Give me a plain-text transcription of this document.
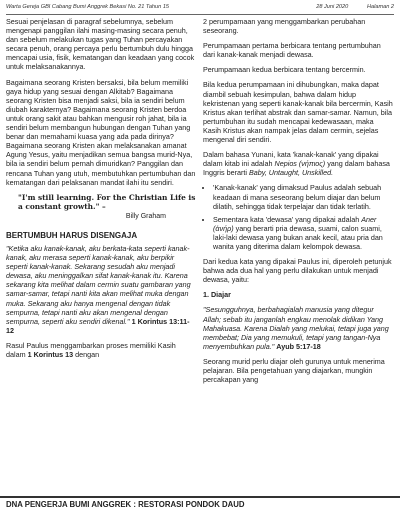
Warta Gereja GBI Cabang Bumi Anggrek Bekasi No. 21 Tahun 15	28 Juni 2020	Halaman 2

Sesuai penjelasan di paragraf sebelumnya, sebelum mengenapi panggilan ilahi masing-masing secara penuh, dan sebelum melakukan tugas yang Tuhan percayakan secara penuh, orang percaya perlu bertumbuh dulu hingga mencapai usia, fisik, kematangan dan keadaan yang cocok untuk melaksanakannya.

Bagaimana seorang Kristen bersaksi, bila belum memiliki gaya hidup yang sesuai dengan Alkitab? Bagaimana seorang Kristen bisa menjadi saksi, bila ia sendiri belum diubah karakternya? Bagaimana seorang Kristen berdoa untuk orang sakit atau bahkan mengusir roh jahat, bila ia sendiri belum membangun hubungan dengan Tuhan yang benar dan memahami kuasa yang ada pada dirinya? Bagaimana seorang Kristen akan melaksanakan amanat Agung Yesus, yaitu menjadikan semua bangsa murid-Nya, bila ia sendiri belum pernah dimuridkan? Panggilan dan rencana Tuhan yang utuh, membutuhkan pertumbuhan dan kematangan dari pelaksanan mandat ilahi itu sendiri.

"I'm still learning. For the Christian Life is a constant growth." –
Billy Graham
BERTUMBUH HARUS DISENGAJA

"Ketika aku kanak-kanak, aku berkata-kata seperti kanak-kanak, aku merasa seperti kanak-kanak, aku berpikir seperti kanak-kanak. Sekarang sesudah aku menjadi dewasa, aku meninggalkan sifat kanak-kanak itu. Karena sekarang kita melihat dalam cermin suatu gambaran yang samar-samar, tetapi nanti kita akan melihat muka dengan muka. Sekarang aku hanya mengenal dengan tidak sempurna, tetapi nanti aku akan mengenal dengan sempurna, seperti aku sendiri dikenal." 1 Korintus 13:11-12

Rasul Paulus menggambarkan proses memiliki Kasih dalam 1 Korintus 13 dengan

2 perumpamaan yang menggambarkan perubahan seseorang.

Perumpamaan pertama berbicara tentang pertumbuhan dari kanak-kanak menjadi dewasa.

Perumpamaan kedua berbicara tentang bercermin.

Bila kedua perumpamaan ini dihubungkan, maka dapat diambil sebuah kesimpulan, bahwa dalam hidup kekristenan yang seperti kanak-kanak bila bercermin, Kasih Kristus akan terlihat abstrak dan samar-samar. Namun, bila pertumbuhan itu sudah mencapai kedewasaan, maka Kasih Kristus akan nampak jelas dalam cermin, sejelas mengenal diri sendiri.

Dalam bahasa Yunani, kata 'kanak-kanak' yang dipakai dalam kitab ini adalah Nepios (νήπιος) yang dalam bahasa Inggris berarti Baby, Untaught, Unskilled.

• 'Kanak-kanak' yang dimaksud Paulus adalah sebuah keadaan di mana seseorang belum diajar dan belum dilatih, sehingga tidak terpelajar dan tidak terlatih.
• Sementara kata 'dewasa' yang dipakai adalah Aner (ἀνήρ) yang berarti pria dewasa, suami, calon suami, laki-laki dewasa yang bukan anak kecil, atau pria dan wanita yang diterima dalam kelompok dewasa.

Dari kedua kata yang dipakai Paulus ini, diperoleh petunjuk bahwa ada dua hal yang perlu dilakukan untuk menjadi dewasa, yaitu:

1. Diajar

"Sesungguhnya, berbahagialah manusia yang ditegur Allah; sebab itu janganlah engkau menolak didikan Yang Mahakuasa. Karena Dialah yang melukai, tetapi juga yang membebat; Dia yang memukuli, tetapi yang tangan-Nya menyembuhkan pula." Ayub 5:17-18

Seorang murid perlu diajar oleh gurunya untuk menerima pelajaran. Bila pengetahuan yang diajarkan, mungkin percakapan yang

DNA PENGERJA BUMI ANGGREK : RESTORASI PONDOK DAUD
